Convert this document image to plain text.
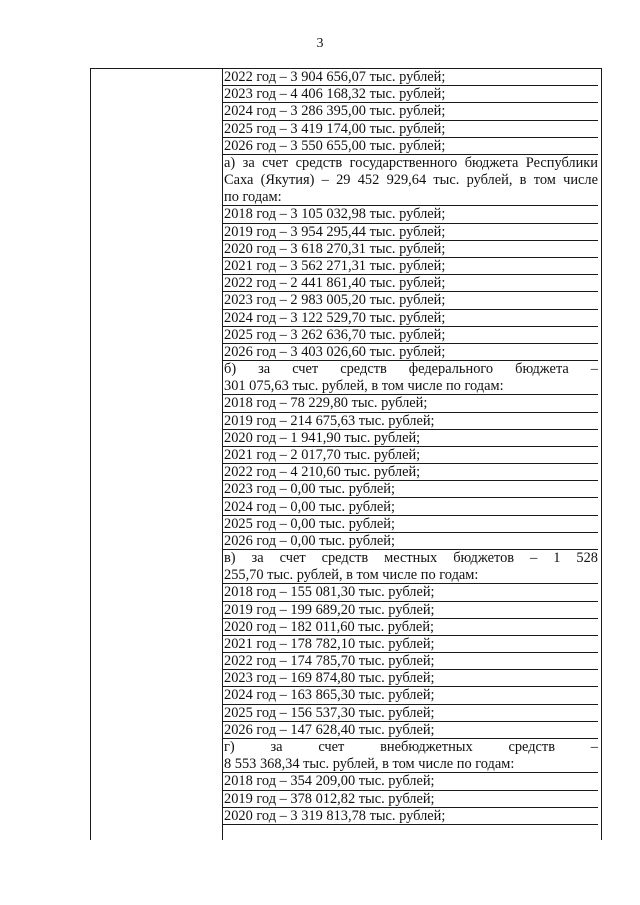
3
2022 год – 3 904 656,07 тыс. рублей;
2023 год – 4 406 168,32 тыс. рублей;
2024 год – 3 286 395,00 тыс. рублей;
2025 год – 3 419 174,00 тыс. рублей;
2026 год – 3 550 655,00 тыс. рублей;
а) за счет средств государственного бюджета Республики
Саха (Якутия) – 29 452 929,64 тыс. рублей, в том числе
по годам:
2018 год – 3 105 032,98 тыс. рублей;
2019 год – 3 954 295,44 тыс. рублей;
2020 год – 3 618 270,31 тыс. рублей;
2021 год – 3 562 271,31 тыс. рублей;
2022 год – 2 441 861,40 тыс. рублей;
2023 год – 2 983 005,20 тыс. рублей;
2024 год – 3 122 529,70 тыс. рублей;
2025 год – 3 262 636,70 тыс. рублей;
2026 год – 3 403 026,60 тыс. рублей;
б) за счет средств федерального бюджета –
301 075,63 тыс. рублей, в том числе по годам:
2018 год – 78 229,80 тыс. рублей;
2019 год – 214 675,63 тыс. рублей;
2020 год – 1 941,90 тыс. рублей;
2021 год – 2 017,70 тыс. рублей;
2022 год – 4 210,60 тыс. рублей;
2023 год – 0,00 тыс. рублей;
2024 год – 0,00 тыс. рублей;
2025 год – 0,00 тыс. рублей;
2026 год – 0,00 тыс. рублей;
в) за счет средств местных бюджетов – 1 528
255,70 тыс. рублей, в том числе по годам:
2018 год – 155 081,30 тыс. рублей;
2019 год – 199 689,20 тыс. рублей;
2020 год – 182 011,60 тыс. рублей;
2021 год – 178 782,10 тыс. рублей;
2022 год – 174 785,70 тыс. рублей;
2023 год – 169 874,80 тыс. рублей;
2024 год – 163 865,30 тыс. рублей;
2025 год – 156 537,30 тыс. рублей;
2026 год – 147 628,40 тыс. рублей;
г) за счет внебюджетных средств –
8 553 368,34 тыс. рублей, в том числе по годам:
2018 год – 354 209,00 тыс. рублей;
2019 год – 378 012,82 тыс. рублей;
2020 год – 3 319 813,78 тыс. рублей;
